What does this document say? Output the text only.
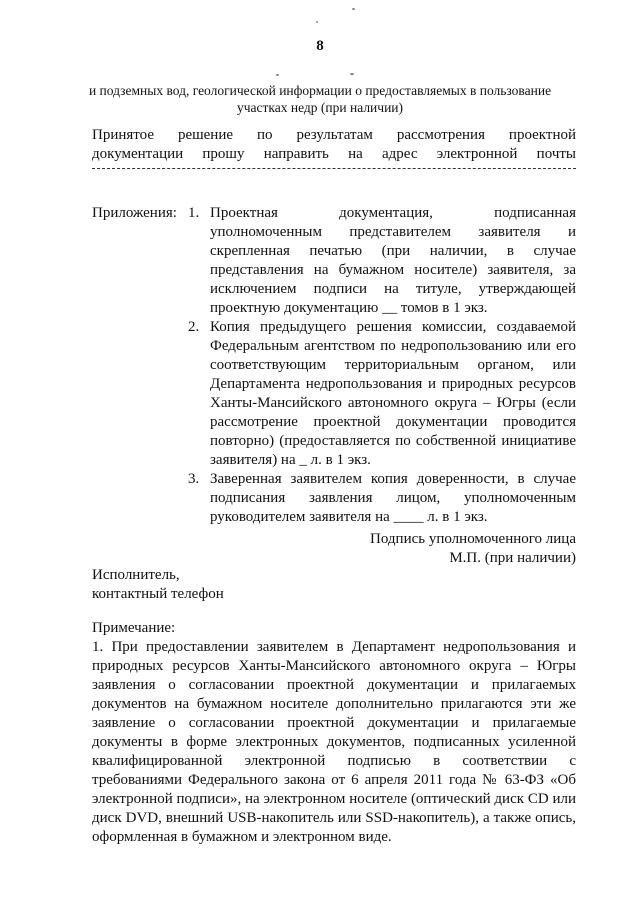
8
и подземных вод, геологической информации о предоставляемых в пользование
участках недр (при наличии)
Принятое решение по результатам рассмотрения проектной
документации прошу направить на адрес электронной почты
Приложения: 1. Проектная документация, подписанная уполномоченным представителем заявителя и скрепленная печатью (при наличии, в случае представления на бумажном носителе) заявителя, за исключением подписи на титуле, утверждающей проектную документацию __ томов в 1 экз.
2. Копия предыдущего решения комиссии, создаваемой Федеральным агентством по недропользованию или его соответствующим территориальным органом, или Департамента недропользования и природных ресурсов Ханты-Мансийского автономного округа – Югры (если рассмотрение проектной документации проводится повторно) (предоставляется по собственной инициативе заявителя) на _ л. в 1 экз.
3. Заверенная заявителем копия доверенности, в случае подписания заявления лицом, уполномоченным руководителем заявителя на ____ л. в 1 экз.
Подпись уполномоченного лица
М.П. (при наличии)
Исполнитель,
контактный телефон
Примечание:
1. При предоставлении заявителем в Департамент недропользования и природных ресурсов Ханты-Мансийского автономного округа – Югры заявления о согласовании проектной документации и прилагаемых документов на бумажном носителе дополнительно прилагаются эти же заявление о согласовании проектной документации и прилагаемые документы в форме электронных документов, подписанных усиленной квалифицированной электронной подписью в соответствии с требованиями Федерального закона от 6 апреля 2011 года № 63-ФЗ «Об электронной подписи», на электронном носителе (оптический диск CD или диск DVD, внешний USB-накопитель или SSD-накопитель), а также опись, оформленная в бумажном и электронном виде.
